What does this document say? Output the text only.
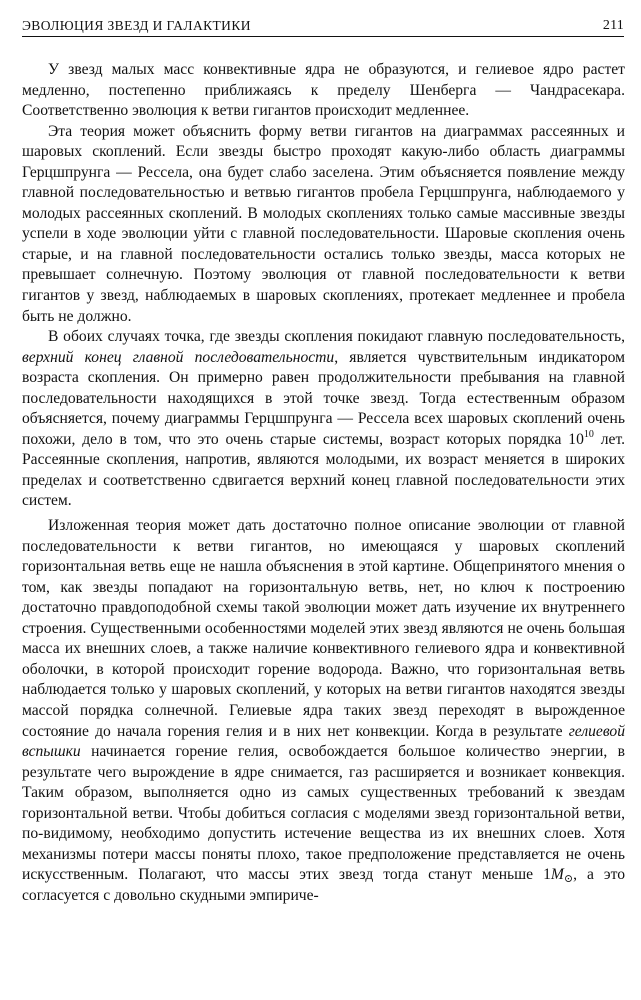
ЭВОЛЮЦИЯ ЗВЕЗД И ГАЛАКТИКИ	211

У звезд малых масс конвективные ядра не образуются, и гелиевое ядро растет медленно, постепенно приближаясь к пределу Шенберга — Чандрасекара. Соответственно эволюция к ветви гигантов происходит медленнее.

Эта теория может объяснить форму ветви гигантов на диаграммах рассеянных и шаровых скоплений. Если звезды быстро проходят какую-либо область диаграммы Герцшпрунга — Рессела, она будет слабо заселена. Этим объясняется появление между главной последовательностью и ветвью гигантов пробела Герцшпрунга, наблюдаемого у молодых рассеянных скоплений. В молодых скоплениях только самые массивные звезды успели в ходе эволюции уйти с главной последовательности. Шаровые скопления очень старые, и на главной последовательности остались только звезды, масса которых не превышает солнечную. Поэтому эволюция от главной последовательности к ветви гигантов у звезд, наблюдаемых в шаровых скоплениях, протекает медленнее и пробела быть не должно.

В обоих случаях точка, где звезды скопления покидают главную последовательность, верхний конец главной последовательности, является чувствительным индикатором возраста скопления. Он примерно равен продолжительности пребывания на главной последовательности находящихся в этой точке звезд. Тогда естественным образом объясняется, почему диаграммы Герцшпрунга — Рессела всех шаровых скоплений очень похожи, дело в том, что это очень старые системы, возраст которых порядка $10^{10}$ лет. Рассеянные скопления, напротив, являются молодыми, их возраст меняется в широких пределах и соответственно сдвигается верхний конец главной последовательности этих систем.

Изложенная теория может дать достаточно полное описание эволюции от главной последовательности к ветви гигантов, но имеющаяся у шаровых скоплений горизонтальная ветвь еще не нашла объяснения в этой картине. Общепринятого мнения о том, как звезды попадают на горизонтальную ветвь, нет, но ключ к построению достаточно правдоподобной схемы такой эволюции может дать изучение их внутреннего строения. Существенными особенностями моделей этих звезд являются не очень большая масса их внешних слоев, а также наличие конвективного гелиевого ядра и конвективной оболочки, в которой происходит горение водорода. Важно, что горизонтальная ветвь наблюдается только у шаровых скоплений, у которых на ветви гигантов находятся звезды массой порядка солнечной. Гелиевые ядра таких звезд переходят в вырожденное состояние до начала горения гелия и в них нет конвекции. Когда в результате гелиевой вспышки начинается горение гелия, освобождается большое количество энергии, в результате чего вырождение в ядре снимается, газ расширяется и возникает конвекция. Таким образом, выполняется одно из самых существенных требований к звездам горизонтальной ветви. Чтобы добиться согласия с моделями звезд горизонтальной ветви, по-видимому, необходимо допустить истечение вещества из их внешних слоев. Хотя механизмы потери массы поняты плохо, такое предположение представляется не очень искусственным. Полагают, что массы этих звезд тогда станут меньше $1M_⊙$, а это согласуется с довольно скудными эмпириче-
